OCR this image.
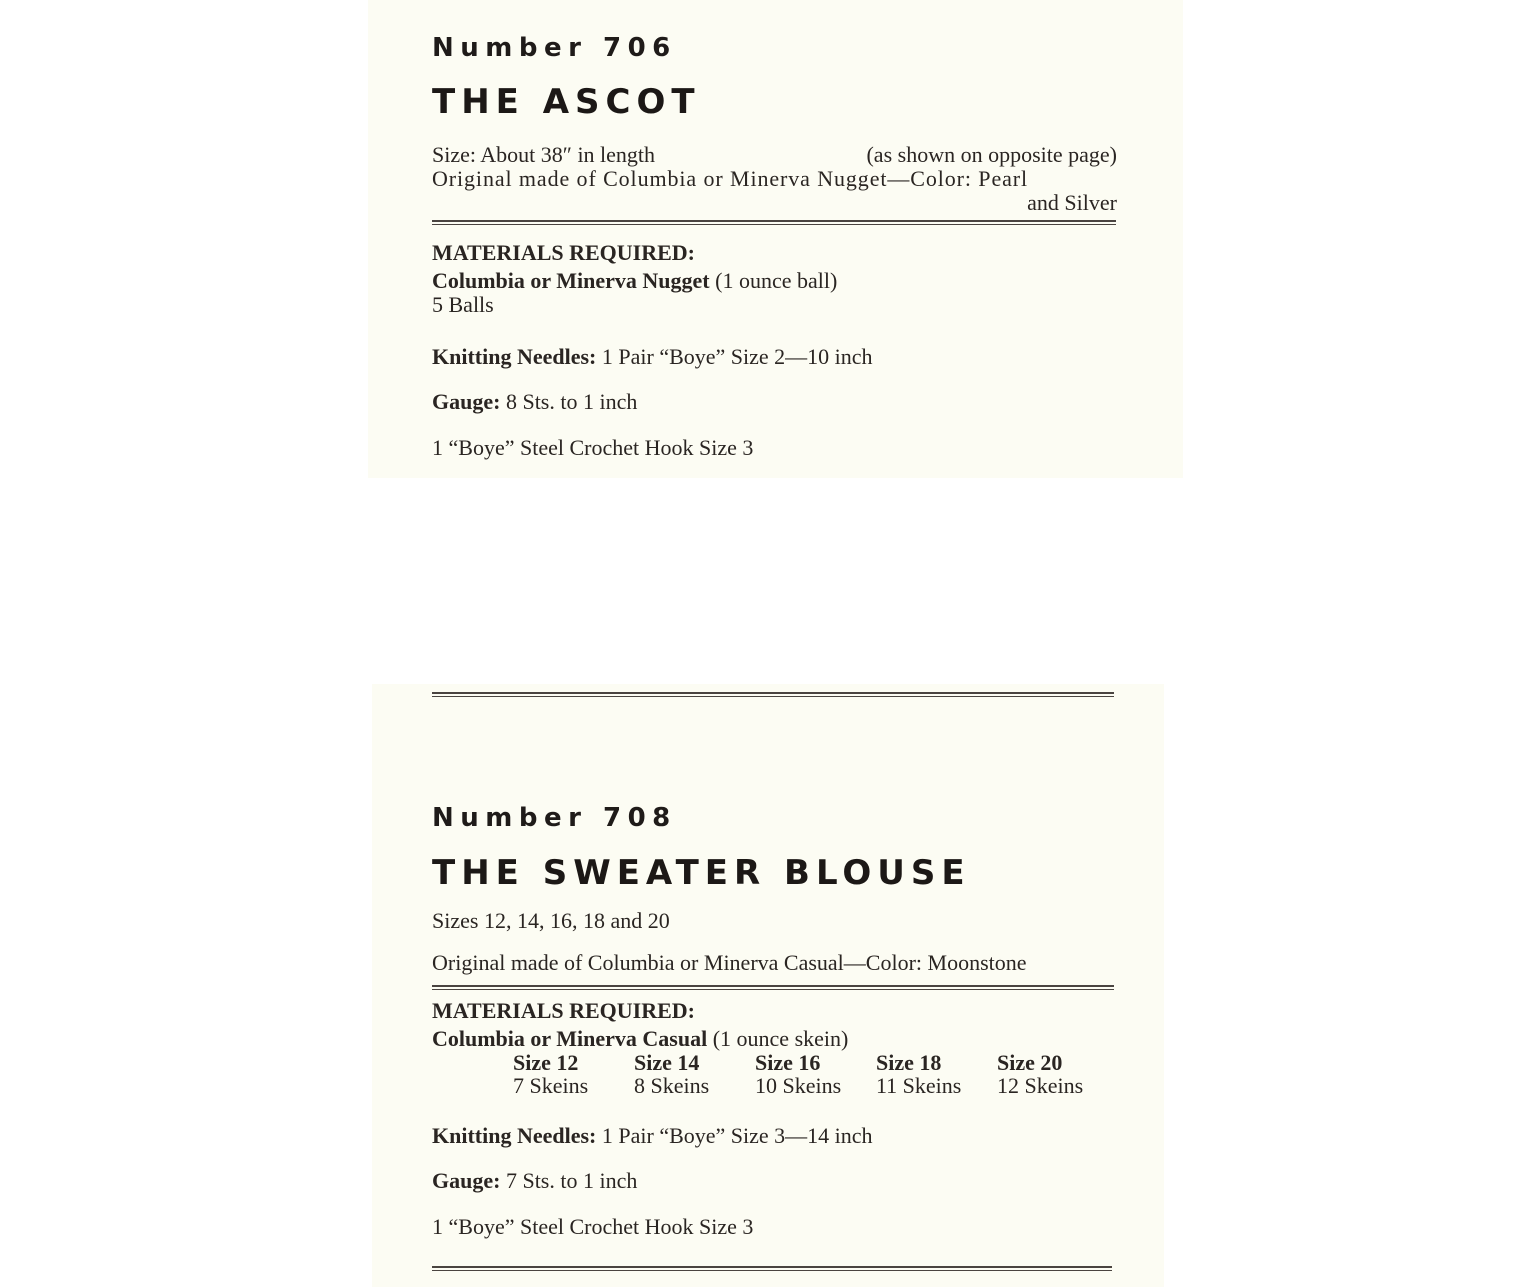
Number 706

THE ASCOT

Size: About 38″ in length	(as shown on opposite page)

Original made of Columbia or Minerva Nugget—Color: Pearl

and Silver

MATERIALS REQUIRED:

Columbia or Minerva Nugget (1 ounce ball)

5 Balls

Knitting Needles: 1 Pair “Boye” Size 2—10 inch

Gauge: 8 Sts. to 1 inch

1 “Boye” Steel Crochet Hook Size 3

Number 708

THE SWEATER BLOUSE

Sizes 12, 14, 16, 18 and 20

Original made of Columbia or Minerva Casual—Color: Moonstone

MATERIALS REQUIRED:

Columbia or Minerva Casual (1 ounce skein)

Size 12	Size 14	Size 16	Size 18	Size 20
7 Skeins	8 Skeins	10 Skeins	11 Skeins	12 Skeins

Knitting Needles: 1 Pair “Boye” Size 3—14 inch

Gauge: 7 Sts. to 1 inch

1 “Boye” Steel Crochet Hook Size 3
